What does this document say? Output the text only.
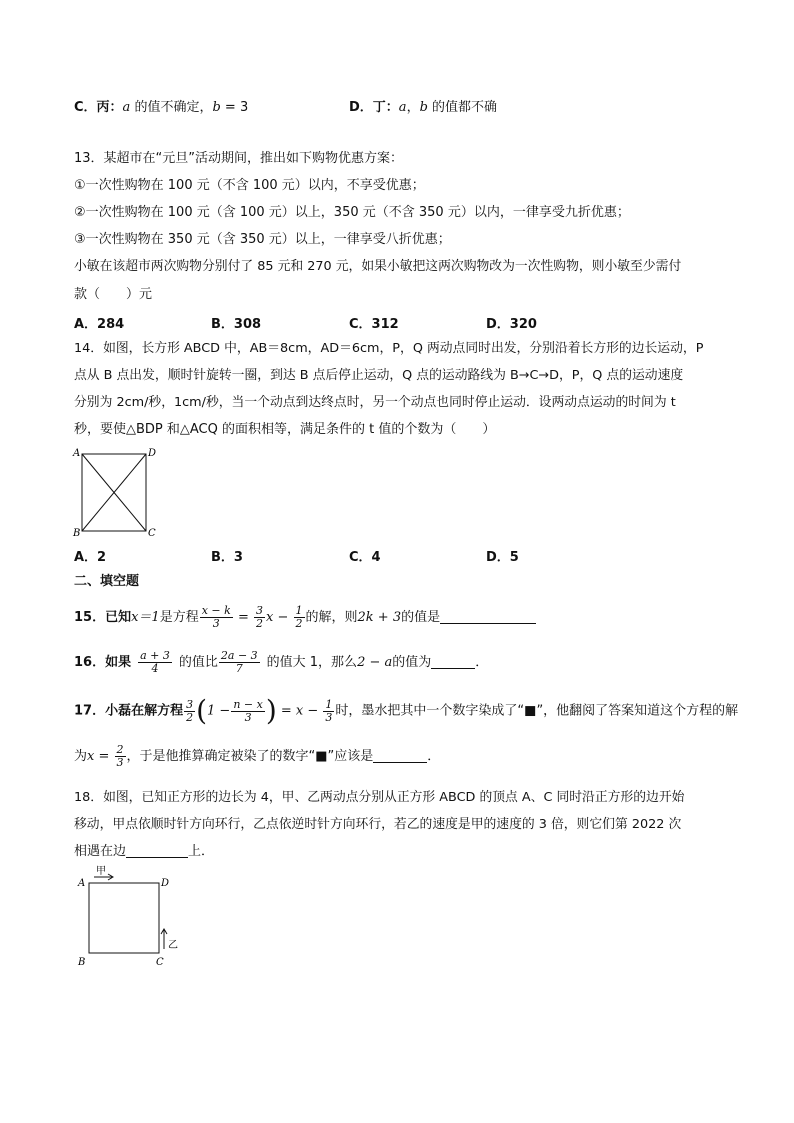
C．丙：a 的值不确定，b = 3	D．丁：a，b 的值都不确
13．某超市在“元旦”活动期间，推出如下购物优惠方案：
①一次性购物在 100 元（不含 100 元）以内，不享受优惠；
②一次性购物在 100 元（含 100 元）以上，350 元（不含 350 元）以内，一律享受九折优惠；
③一次性购物在 350 元（含 350 元）以上，一律享受八折优惠；
小敏在该超市两次购物分别付了 85 元和 270 元，如果小敏把这两次购物改为一次性购物，则小敏至少需付
款（　　）元
A．284	B．308	C．312	D．320
14．如图，长方形 ABCD 中，AB＝8cm，AD＝6cm，P，Q 两动点同时出发，分别沿着长方形的边长运动，P
点从 B 点出发，顺时针旋转一圈，到达 B 点后停止运动，Q 点的运动路线为 B→C→D，P，Q 点的运动速度
分别为 2cm/秒，1cm/秒，当一个动点到达终点时，另一个动点也同时停止运动．设两动点运动的时间为 t
秒，要使△BDP 和△ACQ 的面积相等，满足条件的 t 值的个数为（　　）
A	D
B	C
A．2	B．3	C．4	D．5
二、填空题
15．已知x＝1是方程 $\frac{x - k}{3} = \frac{3}{2}$ $x - \frac{1}{2}$ 的解，则2k + 3的值是
16．如果 $\frac{a + 3}{4}$ 的值比 $\frac{2a - 3}{7}$ 的值大 1，那么2 − a的值为	．
17．小磊在解方程 $\frac{3}{2} (1 - \frac{n - x}{3}$ ) = $x - \frac{1}{3}$ 时，墨水把其中一个数字染成了“■”，他翻阅了答案知道这个方程的解
为$x = \frac{2}{3}$ ，于是他推算确定被染了的数字“■”应该是	．
18．如图，已知正方形的边长为 4，甲、乙两动点分别从正方形 ABCD 的顶点 A、C 同时沿正方形的边开始
移动，甲点依顺时针方向环行，乙点依逆时针方向环行，若乙的速度是甲的速度的 3 倍，则它们第 2022 次
相遇在边	上．
A	D
B	C
甲
乙
